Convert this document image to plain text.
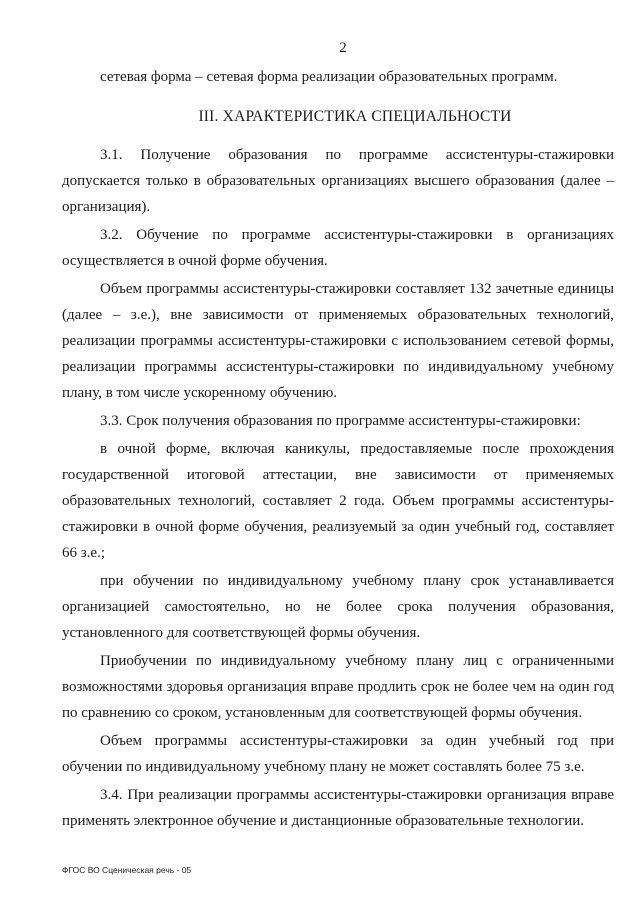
2

сетевая форма – сетевая форма реализации образовательных программ.

III. ХАРАКТЕРИСТИКА СПЕЦИАЛЬНОСТИ

3.1. Получение образования по программе ассистентуры-стажировки допускается только в образовательных организациях высшего образования (далее – организация).

3.2. Обучение по программе ассистентуры-стажировки в организациях осуществляется в очной форме обучения.

Объем программы ассистентуры-стажировки составляет 132 зачетные единицы (далее – з.е.), вне зависимости от применяемых образовательных технологий, реализации программы ассистентуры-стажировки с использованием сетевой формы, реализации программы ассистентуры-стажировки по индивидуальному учебному плану, в том числе ускоренному обучению.

3.3. Срок получения образования по программе ассистентуры-стажировки:

в очной форме, включая каникулы, предоставляемые после прохождения государственной итоговой аттестации, вне зависимости от применяемых образовательных технологий, составляет 2 года. Объем программы ассистентуры-стажировки в очной форме обучения, реализуемый за один учебный год, составляет 66 з.е.;

при обучении по индивидуальному учебному плану срок устанавливается организацией самостоятельно, но не более срока получения образования, установленного для соответствующей формы обучения.

Приобучении по индивидуальному учебному плану лиц с ограниченными возможностями здоровья организация вправе продлить срок не более чем на один год по сравнению со сроком, установленным для соответствующей формы обучения.

Объем программы ассистентуры-стажировки за один учебный год при обучении по индивидуальному учебному плану не может составлять более 75 з.е.

3.4. При реализации программы ассистентуры-стажировки организация вправе применять электронное обучение и дистанционные образовательные технологии.

ФГОС ВО Сценическая речь - 05
